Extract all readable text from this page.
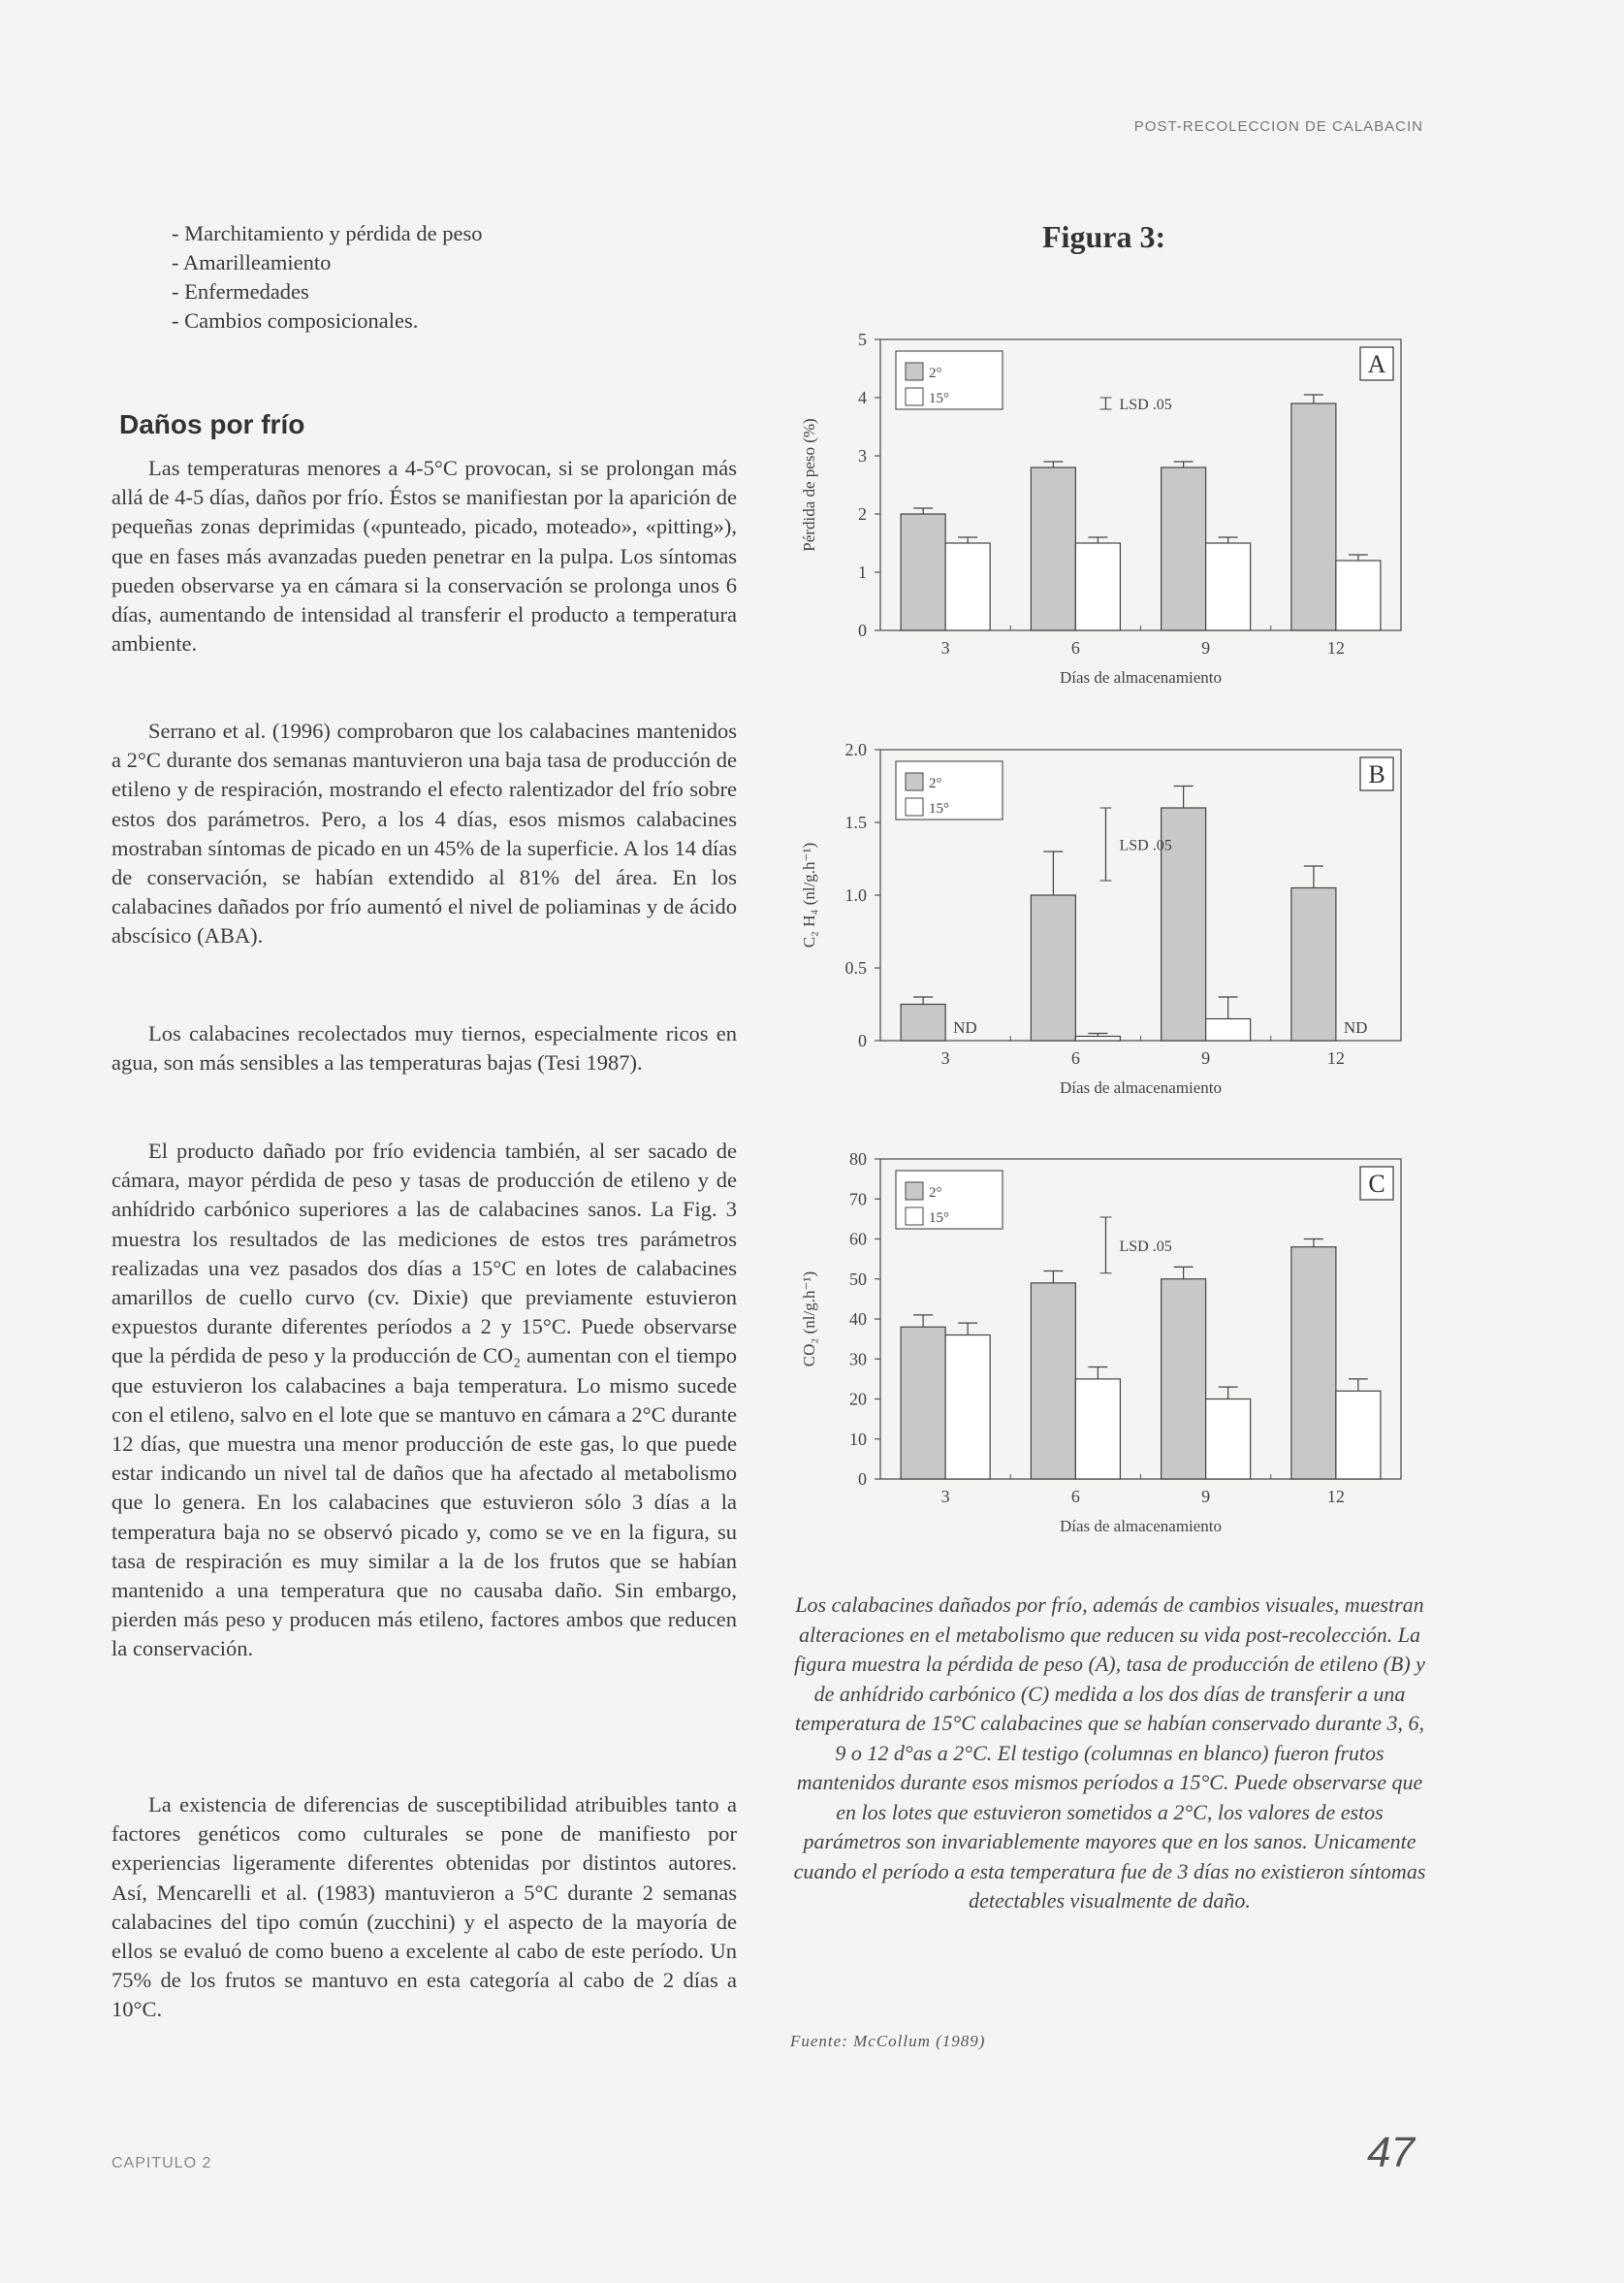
POST-RECOLECCION DE CALABACIN
- Marchitamiento y pérdida de peso
- Amarilleamiento
- Enfermedades
- Cambios composicionales.
Daños por frío

Las temperaturas menores a 4-5°C provocan, si se prolongan más allá de 4-5 días, daños por frío. Éstos se manifiestan por la aparición de pequeñas zonas deprimidas («punteado, picado, moteado», «pitting»), que en fases más avanzadas pueden penetrar en la pulpa. Los síntomas pueden observarse ya en cámara si la conservación se prolonga unos 6 días, aumentando de intensidad al transferir el producto a temperatura ambiente.

Serrano et al. (1996) comprobaron que los calabacines mantenidos a 2°C durante dos semanas mantuvieron una baja tasa de producción de etileno y de respiración, mostrando el efecto ralentizador del frío sobre estos dos parámetros. Pero, a los 4 días, esos mismos calabacines mostraban síntomas de picado en un 45% de la superficie. A los 14 días de conservación, se habían extendido al 81% del área. En los calabacines dañados por frío aumentó el nivel de poliaminas y de ácido abscísico (ABA).

Los calabacines recolectados muy tiernos, especialmente ricos en agua, son más sensibles a las temperaturas bajas (Tesi 1987).

El producto dañado por frío evidencia también, al ser sacado de cámara, mayor pérdida de peso y tasas de producción de etileno y de anhídrido carbónico superiores a las de calabacines sanos. La Fig. 3 muestra los resultados de las mediciones de estos tres parámetros realizadas una vez pasados dos días a 15°C en lotes de calabacines amarillos de cuello curvo (cv. Dixie) que previamente estuvieron expuestos durante diferentes períodos a 2 y 15°C. Puede observarse que la pérdida de peso y la producción de CO₂ aumentan con el tiempo que estuvieron los calabacines a baja temperatura. Lo mismo sucede con el etileno, salvo en el lote que se mantuvo en cámara a 2°C durante 12 días, que muestra una menor producción de este gas, lo que puede estar indicando un nivel tal de daños que ha afectado al metabolismo que lo genera. En los calabacines que estuvieron sólo 3 días a la temperatura baja no se observó picado y, como se ve en la figura, su tasa de respiración es muy similar a la de los frutos que se habían mantenido a una temperatura que no causaba daño. Sin embargo, pierden más peso y producen más etileno, factores ambos que reducen la conservación.

La existencia de diferencias de susceptibilidad atribuibles tanto a factores genéticos como culturales se pone de manifiesto por experiencias ligeramente diferentes obtenidas por distintos autores. Así, Mencarelli et al. (1983) mantuvieron a 5°C durante 2 semanas calabacines del tipo común (zucchini) y el aspecto de la mayoría de ellos se evaluó de como bueno a excelente al cabo de este período. Un 75% de los frutos se mantuvo en esta categoría al cabo de 2 días a 10°C.

Figura 3:
0
1
2
3
4
5
Pérdida de peso (%)
3	6	9	12
Días de almacenamiento
2°
15°
A
LSD .05
0
0.5
1.0
1.5
2.0
C₂ H₄ (nl/g.h⁻¹)
3
ND
6	9	12
ND
Días de almacenamiento
2°
15°
B
LSD .05
0
10
20
30
40
50
60
70
80
CO₂ (nl/g.h⁻¹)
3	6	9	12
Días de almacenamiento
2°
15°
C
LSD .05

Los calabacines dañados por frío, además de cambios visuales, muestran alteraciones en el metabolismo que reducen su vida post-recolección. La figura muestra la pérdida de peso (A), tasa de producción de etileno (B) y de anhídrido carbónico (C) medida a los dos días de transferir a una temperatura de 15°C calabacines que se habían conservado durante 3, 6, 9 o 12 d°as a 2°C. El testigo (columnas en blanco) fueron frutos mantenidos durante esos mismos períodos a 15°C. Puede observarse que en los lotes que estuvieron sometidos a 2°C, los valores de estos parámetros son invariablemente mayores que en los sanos. Unicamente cuando el período a esta temperatura fue de 3 días no existieron síntomas detectables visualmente de daño.

Fuente: McCollum (1989)
CAPITULO 2	47
